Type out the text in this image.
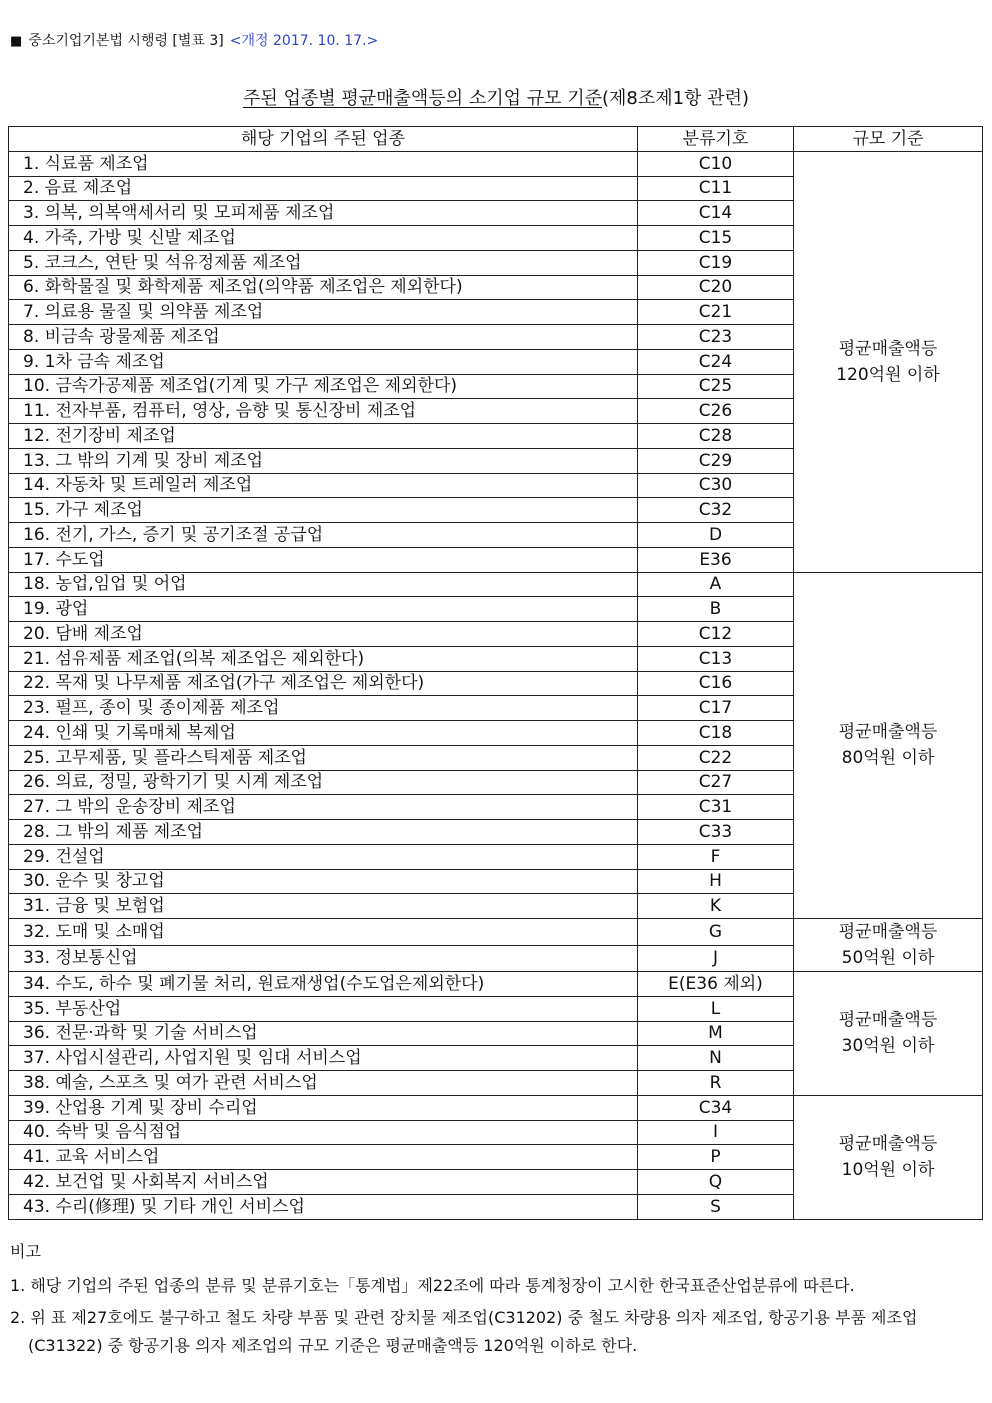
■ 중소기업기본법 시행령 [별표 3] <개정 2017. 10. 17.>
주된 업종별 평균매출액등의 소기업 규모 기준(제8조제1항 관련)
해당 기업의 주된 업종	분류기호	규모 기준
1. 식료품 제조업	C10	평균매출액등
120억원 이하

2. 음료 제조업	C11	
3. 의복, 의복액세서리 및 모피제품 제조업	C14	
4. 가죽, 가방 및 신발 제조업	C15	
5. 코크스, 연탄 및 석유정제품 제조업	C19	
6. 화학물질 및 화학제품 제조업(의약품 제조업은 제외한다)	C20	
7. 의료용 물질 및 의약품 제조업	C21	
8. 비금속 광물제품 제조업	C23	
9. 1차 금속 제조업	C24	
10. 금속가공제품 제조업(기계 및 가구 제조업은 제외한다)	C25	
11. 전자부품, 컴퓨터, 영상, 음향 및 통신장비 제조업	C26	
12. 전기장비 제조업	C28	
13. 그 밖의 기계 및 장비 제조업	C29	
14. 자동차 및 트레일러 제조업	C30	
15. 가구 제조업	C32	
16. 전기, 가스, 증기 및 공기조절 공급업	D	
17. 수도업	E36	
18. 농업,임업 및 어업	A	평균매출액등
80억원 이하

19. 광업	B	
20. 담배 제조업	C12	
21. 섬유제품 제조업(의복 제조업은 제외한다)	C13	
22. 목재 및 나무제품 제조업(가구 제조업은 제외한다)	C16	
23. 펄프, 종이 및 종이제품 제조업	C17	
24. 인쇄 및 기록매체 복제업	C18	
25. 고무제품, 및 플라스틱제품 제조업	C22	
26. 의료, 정밀, 광학기기 및 시계 제조업	C27	
27. 그 밖의 운송장비 제조업	C31	
28. 그 밖의 제품 제조업	C33	
29. 건설업	F	
30. 운수 및 창고업	H	
31. 금융 및 보험업	K	
32. 도매 및 소매업	G	평균매출액등
50억원 이하

33. 정보통신업	J	
34. 수도, 하수 및 폐기물 처리, 원료재생업(수도업은제외한다)	E(E36 제외)	평균매출액등
30억원 이하

35. 부동산업	L	
36. 전문·과학 및 기술 서비스업	M	
37. 사업시설관리, 사업지원 및 임대 서비스업	N	
38. 예술, 스포츠 및 여가 관련 서비스업	R	
39. 산업용 기계 및 장비 수리업	C34	평균매출액등
10억원 이하

40. 숙박 및 음식점업	I	
41. 교육 서비스업	P	
42. 보건업 및 사회복지 서비스업	Q	
43. 수리(修理) 및 기타 개인 서비스업	S	
비고
1. 해당 기업의 주된 업종의 분류 및 분류기호는「통계법」제22조에 따라 통계청장이 고시한 한국표준산업분류에 따른다.
2. 위 표 제27호에도 불구하고 철도 차량 부품 및 관련 장치물 제조업(C31202) 중 철도 차량용 의자 제조업, 항공기용 부품 제조업(C31322) 중 항공기용 의자 제조업의 규모 기준은 평균매출액등 120억원 이하로 한다.
